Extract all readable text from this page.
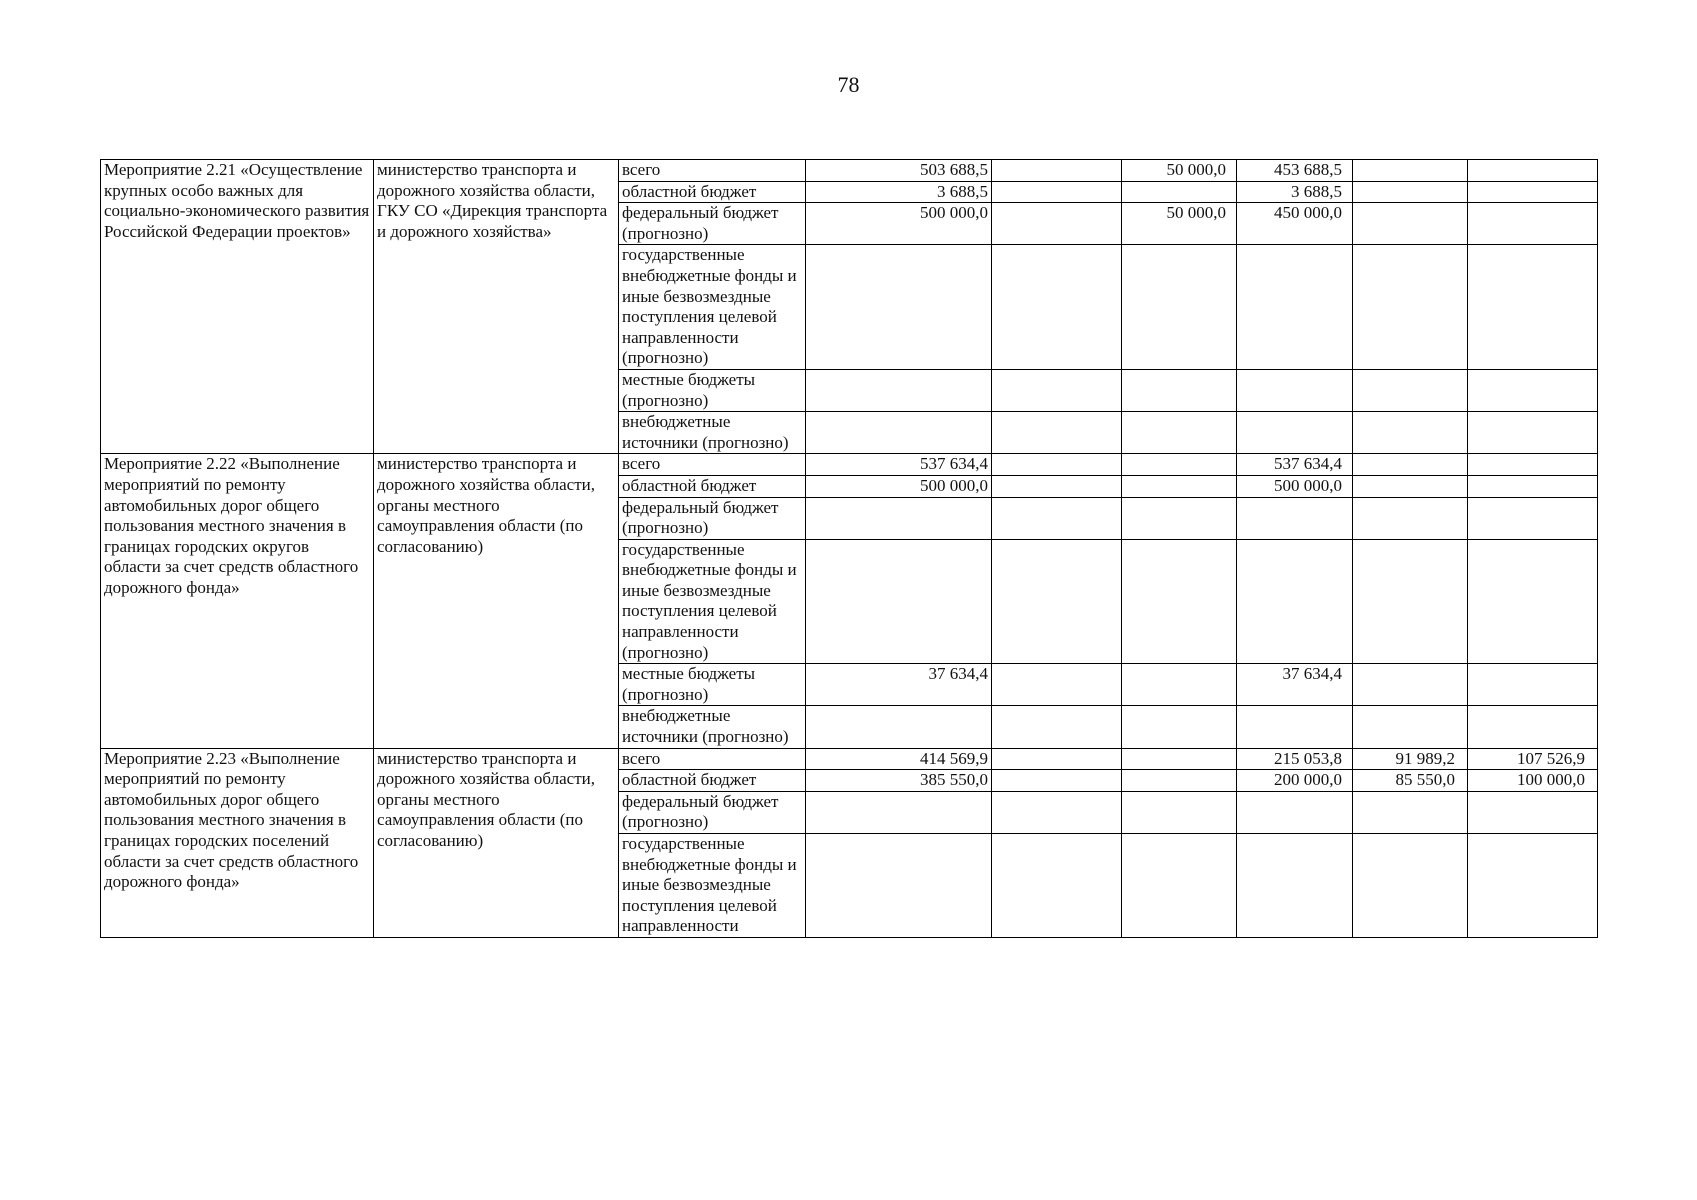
78
Мероприятие 2.21 «Осуществление крупных особо важных для социально-экономического развития Российской Федерации проектов»	министерство транспорта и дорожного хозяйства области, ГКУ СО «Дирекция транспорта и дорожного хозяйства»	всего	503 688,5		50 000,0	453 688,5		
		областной бюджет	3 688,5			3 688,5		
		федеральный бюджет (прогнозно)	500 000,0		50 000,0	450 000,0		
		государственные внебюджетные фонды и иные безвозмездные поступления целевой направленности (прогнозно)						
		местные бюджеты (прогнозно)						
		внебюджетные источники (прогнозно)						
Мероприятие 2.22 «Выполнение мероприятий по ремонту автомобильных дорог общего пользования местного значения в границах городских округов области за счет средств областного дорожного фонда»	министерство транспорта и дорожного хозяйства области, органы местного самоуправления области (по согласованию)	всего	537 634,4			537 634,4		
		областной бюджет	500 000,0			500 000,0		
		федеральный бюджет (прогнозно)						
		государственные внебюджетные фонды и иные безвозмездные поступления целевой направленности (прогнозно)						
		местные бюджеты (прогнозно)	37 634,4			37 634,4		
		внебюджетные источники (прогнозно)						
Мероприятие 2.23 «Выполнение мероприятий по ремонту автомобильных дорог общего пользования местного значения в границах городских поселений области за счет средств областного дорожного фонда»	министерство транспорта и дорожного хозяйства области, органы местного самоуправления области (по согласованию)	всего	414 569,9			215 053,8	91 989,2	107 526,9
		областной бюджет	385 550,0			200 000,0	85 550,0	100 000,0
		федеральный бюджет (прогнозно)						
		государственные внебюджетные фонды и иные безвозмездные поступления целевой направленности						
